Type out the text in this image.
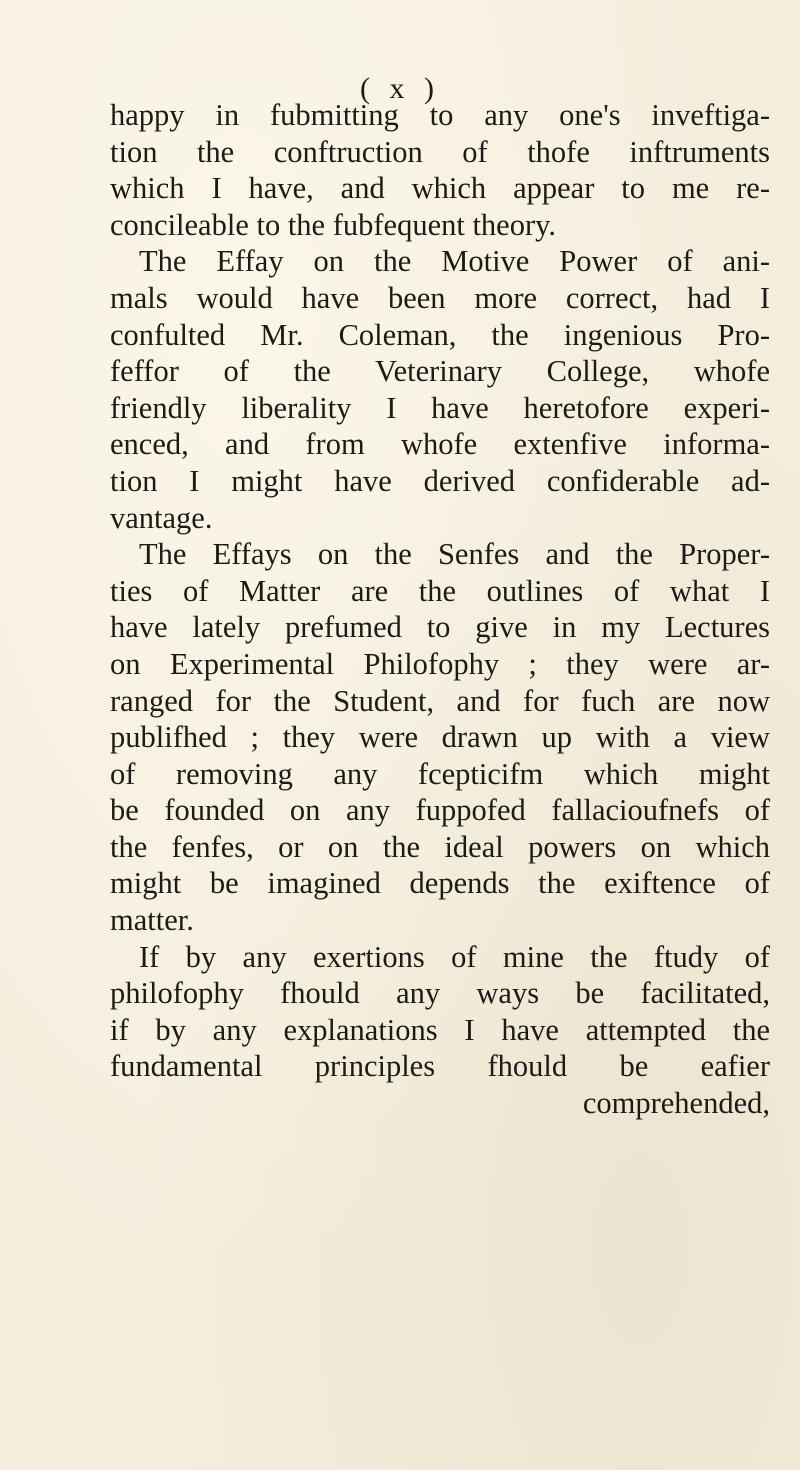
( x )
happy in fubmitting to any one's inveftiga-
tion the conftruction of thofe inftruments
which I have, and which appear to me re-
concileable to the fubfequent theory.
The Effay on the Motive Power of ani-
mals would have been more correct, had I
confulted Mr. Coleman, the ingenious Pro-
feffor of the Veterinary College, whofe
friendly liberality I have heretofore experi-
enced, and from whofe extenfive informa-
tion I might have derived confiderable ad-
vantage.
The Effays on the Senfes and the Proper-
ties of Matter are the outlines of what I
have lately prefumed to give in my Lectures
on Experimental Philofophy ; they were ar-
ranged for the Student, and for fuch are now
publifhed ; they were drawn up with a view
of removing any fcepticifm which might
be founded on any fuppofed fallacioufnefs of
the fenfes, or on the ideal powers on which
might be imagined depends the exiftence of
matter.
If by any exertions of mine the ftudy of
philofophy fhould any ways be facilitated,
if by any explanations I have attempted the
fundamental principles fhould be eafier
comprehended,
